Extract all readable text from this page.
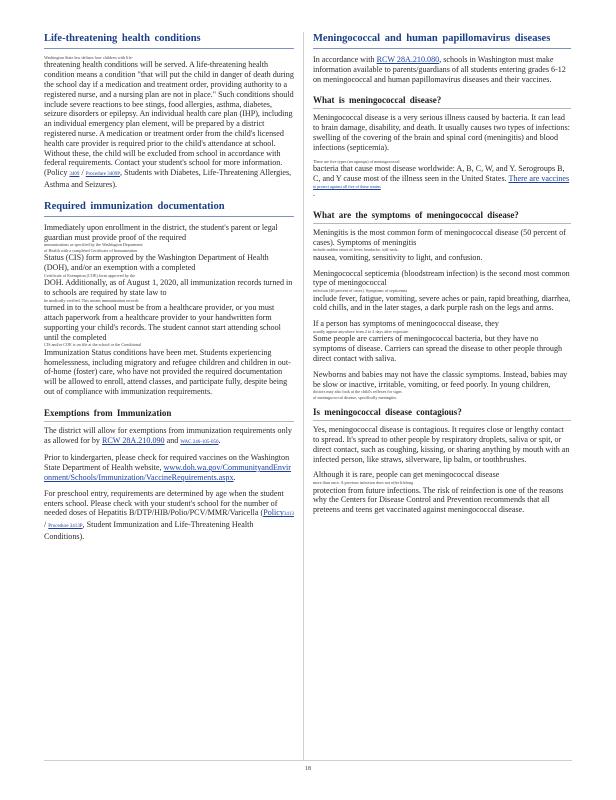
Life-threatening health conditions

Washington State law defines how children with life-
threatening health conditions will be served. A life-threatening health condition means a condition "that will put the child in danger of death during the school day if a medication and treatment order, providing authority to a registered nurse, and a nursing plan are not in place." Such conditions should include severe reactions to bee stings, food allergies, asthma, diabetes, seizure disorders or epilepsy. An individual health care plan (IHP), including an individual emergency plan element, will be prepared by a district registered nurse. A medication or treatment order from the child's licensed health care provider is required prior to the child's attendance at school. Without these, the child will be excluded from school in accordance with federal requirements. Contact your student's school for more information. (Policy 3409 / Procedure 3409P, Students with Diabetes, Life-Threatening Allergies, Asthma and Seizures).

Required immunization documentation

Immediately upon enrollment in the district, the student's parent or legal guardian must provide proof of the required
immunizations as specified by the Washington Department
of Health with a completed Certificate of Immunization
Status (CIS) form approved by the Washington Department of Health (DOH), and/or an exemption with a completed
Certificate of Exemption (COE) form approved by the
DOH. Additionally, as of August 1, 2020, all immunization records turned in to schools are required by state law to
be medically verified. This means immunization records
turned in to the school must be from a healthcare provider, or you must attach paperwork from a healthcare provider to your handwritten form supporting your child's records. The student cannot start attending school until the completed
CIS and/or COE is on file at the school or the Conditional
Immunization Status conditions have been met. Students experiencing homelessness, including migratory and refugee children and children in out-of-home (foster) care, who have not provided the required documentation will be allowed to enroll, attend classes, and participate fully, despite being out of compliance with immunization requirements.

Exemptions from Immunization

The district will allow for exemptions from immunization requirements only as allowed for by RCW 28A.210.090 and WAC 246-105-050.

Prior to kindergarten, please check for required vaccines on the Washington State Department of Health website, www.doh.wa.gov/CommunityandEnvironment/Schools/Immunization/VaccineRequirements.aspx.

For preschool entry, requirements are determined by age when the student enters school. Please check with your student's school for the number of needed doses of Hepatitis B/DTP/HIB/Polio/PCV/MMR/Varicella (Policy3413 / Procedure 3413P, Student Immunization and Life-Threatening Health Conditions).

Meningococcal and human papillomavirus diseases

In accordance with RCW 28A.210.080, schools in Washington must make information available to parents/guardians of all students entering grades 6-12 on meningococcal and human papillomavirus diseases and their vaccines.

What is meningococcal disease?

Meningococcal disease is a very serious illness caused by bacteria. It can lead to brain damage, disability, and death. It usually causes two types of infections: swelling of the covering of the brain and spinal cord (meningitis) and blood infections (septicemia).

There are five types (serogroups) of meningococcal
bacteria that cause most disease worldwide: A, B, C, W, and Y. Serogroups B, C, and Y cause most of the illness seen in the United States. There are vaccines
to protect against all five of these strains
.

What are the symptoms of meningococcal disease?

Meningitis is the most common form of meningococcal disease (50 percent of cases). Symptoms of meningitis
include sudden onset of fever, headache, stiff neck,
nausea, vomiting, sensitivity to light, and confusion.

Meningococcal septicemia (bloodstream infection) is the second most common type of meningococcal
infection (40 percent of cases). Symptoms of septicemia
include fever, fatigue, vomiting, severe aches or pain, rapid breathing, diarrhea, cold chills, and in the later stages, a dark purple rash on the legs and arms.

If a person has symptoms of meningococcal disease, they
usually appear anywhere from 2 to 4 days after exposure.
Some people are carriers of meningococcal bacteria, but they have no symptoms of disease. Carriers can spread the disease to other people through direct contact with saliva.

Newborns and babies may not have the classic symptoms. Instead, babies may be slow or inactive, irritable, vomiting, or feed poorly. In young children,
doctors may also look at the child's reflexes for signs
of meningococcal disease, specifically meningitis.

Is meningococcal disease contagious?

Yes, meningococcal disease is contagious. It requires close or lengthy contact to spread. It's spread to other people by respiratory droplets, saliva or spit, or direct contact, such as coughing, kissing, or sharing anything by mouth with an infected person, like straws, silverware, lip balm, or toothbrushes.

Although it is rare, people can get meningococcal disease
more than once. A previous infection does not offer lifelong
protection from future infections. The risk of reinfection is one of the reasons why the Centers for Disease Control and Prevention recommends that all preteens and teens get vaccinated against meningococcal disease.

18
